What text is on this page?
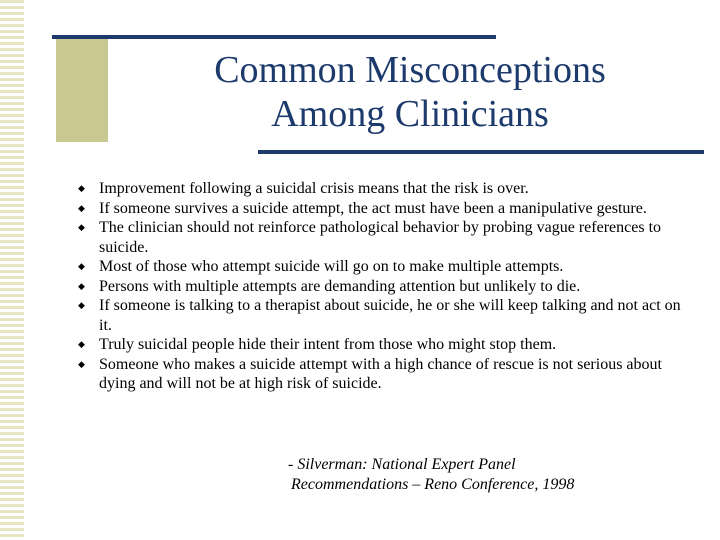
Common Misconceptions
Among Clinicians
◆ Improvement following a suicidal crisis means that the risk is over.
◆ If someone survives a suicide attempt, the act must have been a manipulative gesture.
◆ The clinician should not reinforce pathological behavior by probing vague references to suicide.
◆ Most of those who attempt suicide will go on to make multiple attempts.
◆ Persons with multiple attempts are demanding attention but unlikely to die.
◆ If someone is talking to a therapist about suicide, he or she will keep talking and not act on it.
◆ Truly suicidal people hide their intent from those who might stop them.
◆ Someone who makes a suicide attempt with a high chance of rescue is not serious about dying and will not be at high risk of suicide.
- Silverman: National Expert Panel
Recommendations – Reno Conference, 1998
